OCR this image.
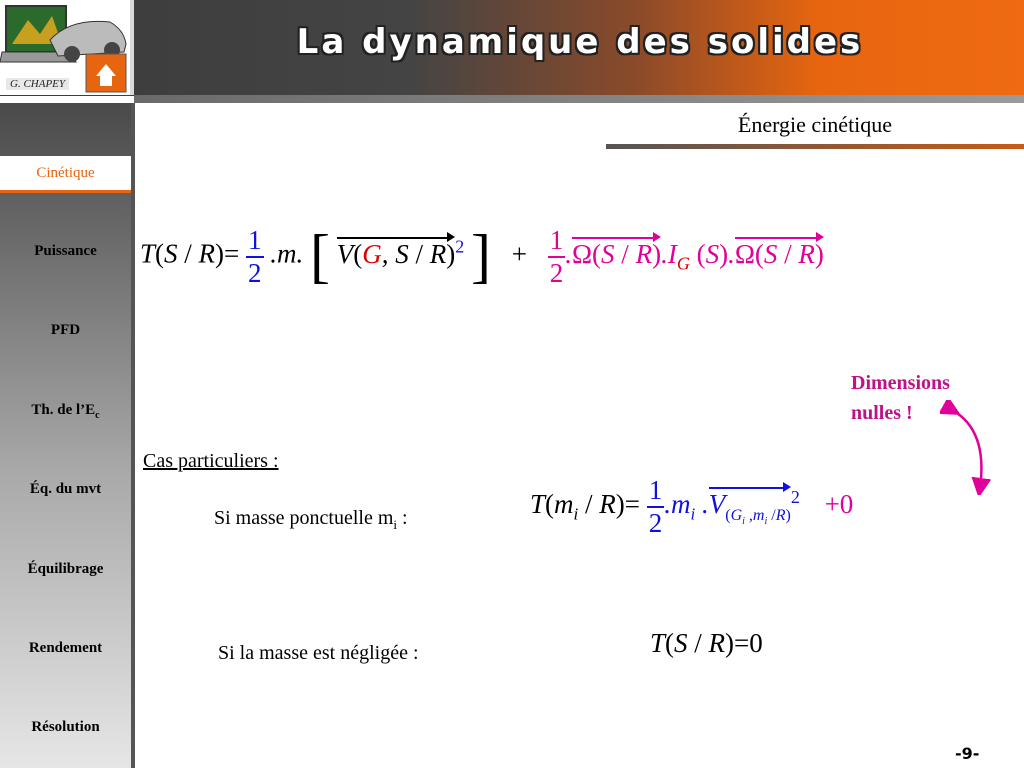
G. CHAPEY
La dynamique des solides
Cinétique
Puissance
PFD
Th. de $l’E_c$
Éq. du mvt
Équilibrage
Rendement
Résolution
Énergie cinétique
$T(S / R)= \frac{1}{2} .m$. [ V(G, S / R)$^2$ ] + $\frac{1}{2} .\Omega(S / R).I_G$ (S).Ω(S / R)
Dimensions
nulles !
Cas particuliers :
Si masse ponctuelle $m_i$ :	$T(m_i / R)= \frac{1}{2} .m_i$ $.V_{(G_i ,m_i /R)}^2 +0$
Si la masse est négligée :	T(S / R)=0
-9-
